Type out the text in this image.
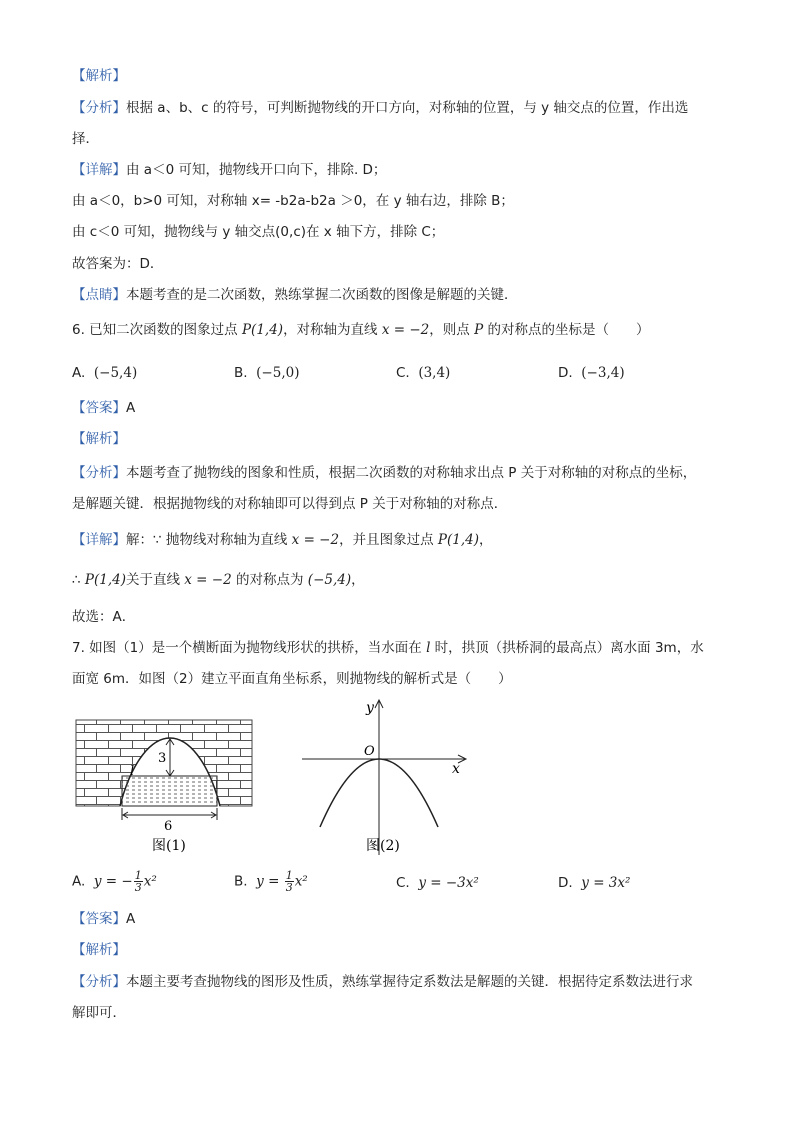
【解析】
【分析】根据 a、b、c 的符号，可判断抛物线的开口方向，对称轴的位置，与 y 轴交点的位置，作出选
择．
【详解】由 a＜0 可知，抛物线开口向下，排除. D；
由 a＜0，b>0 可知，对称轴 x= -b2a-b2a ＞0，在 y 轴右边，排除 B；
由 c＜0 可知，抛物线与 y 轴交点(0,c)在 x 轴下方，排除 C；
故答案为：D．
【点睛】本题考查的是二次函数，熟练掌握二次函数的图像是解题的关键．
6. 已知二次函数的图象过点 P(1,4)，对称轴为直线 x = −2，则点 P 的对称点的坐标是（　　）
A. (−5,4)	B. (−5,0)	C. (3,4)	D. (−3,4)
【答案】A
【解析】
【分析】本题考查了抛物线的图象和性质，根据二次函数的对称轴求出点 P 关于对称轴的对称点的坐标，
是解题关键．根据抛物线的对称轴即可以得到点 P 关于对称轴的对称点．
【详解】解：∵ 抛物线对称轴为直线 x = −2，并且图象过点 P(1,4)，
∴ P(1,4)关于直线 x = −2 的对称点为 (−5,4)，
故选：A．
7. 如图（1）是一个横断面为抛物线形状的拱桥，当水面在 l 时，拱顶（拱桥洞的最高点）离水面 3m，水
面宽 6m．如图（2）建立平面直角坐标系，则抛物线的解析式是（　　）
3
l
6
图(1)
y
x
O
图(2)
A. y = − $\frac{1}{3} x^2$	B. $y = \frac{1}{3} x^2$	C. y = −3x²	D. y = 3x²
【答案】A
【解析】
【分析】本题主要考查抛物线的图形及性质，熟练掌握待定系数法是解题的关键．根据待定系数法进行求
解即可．
